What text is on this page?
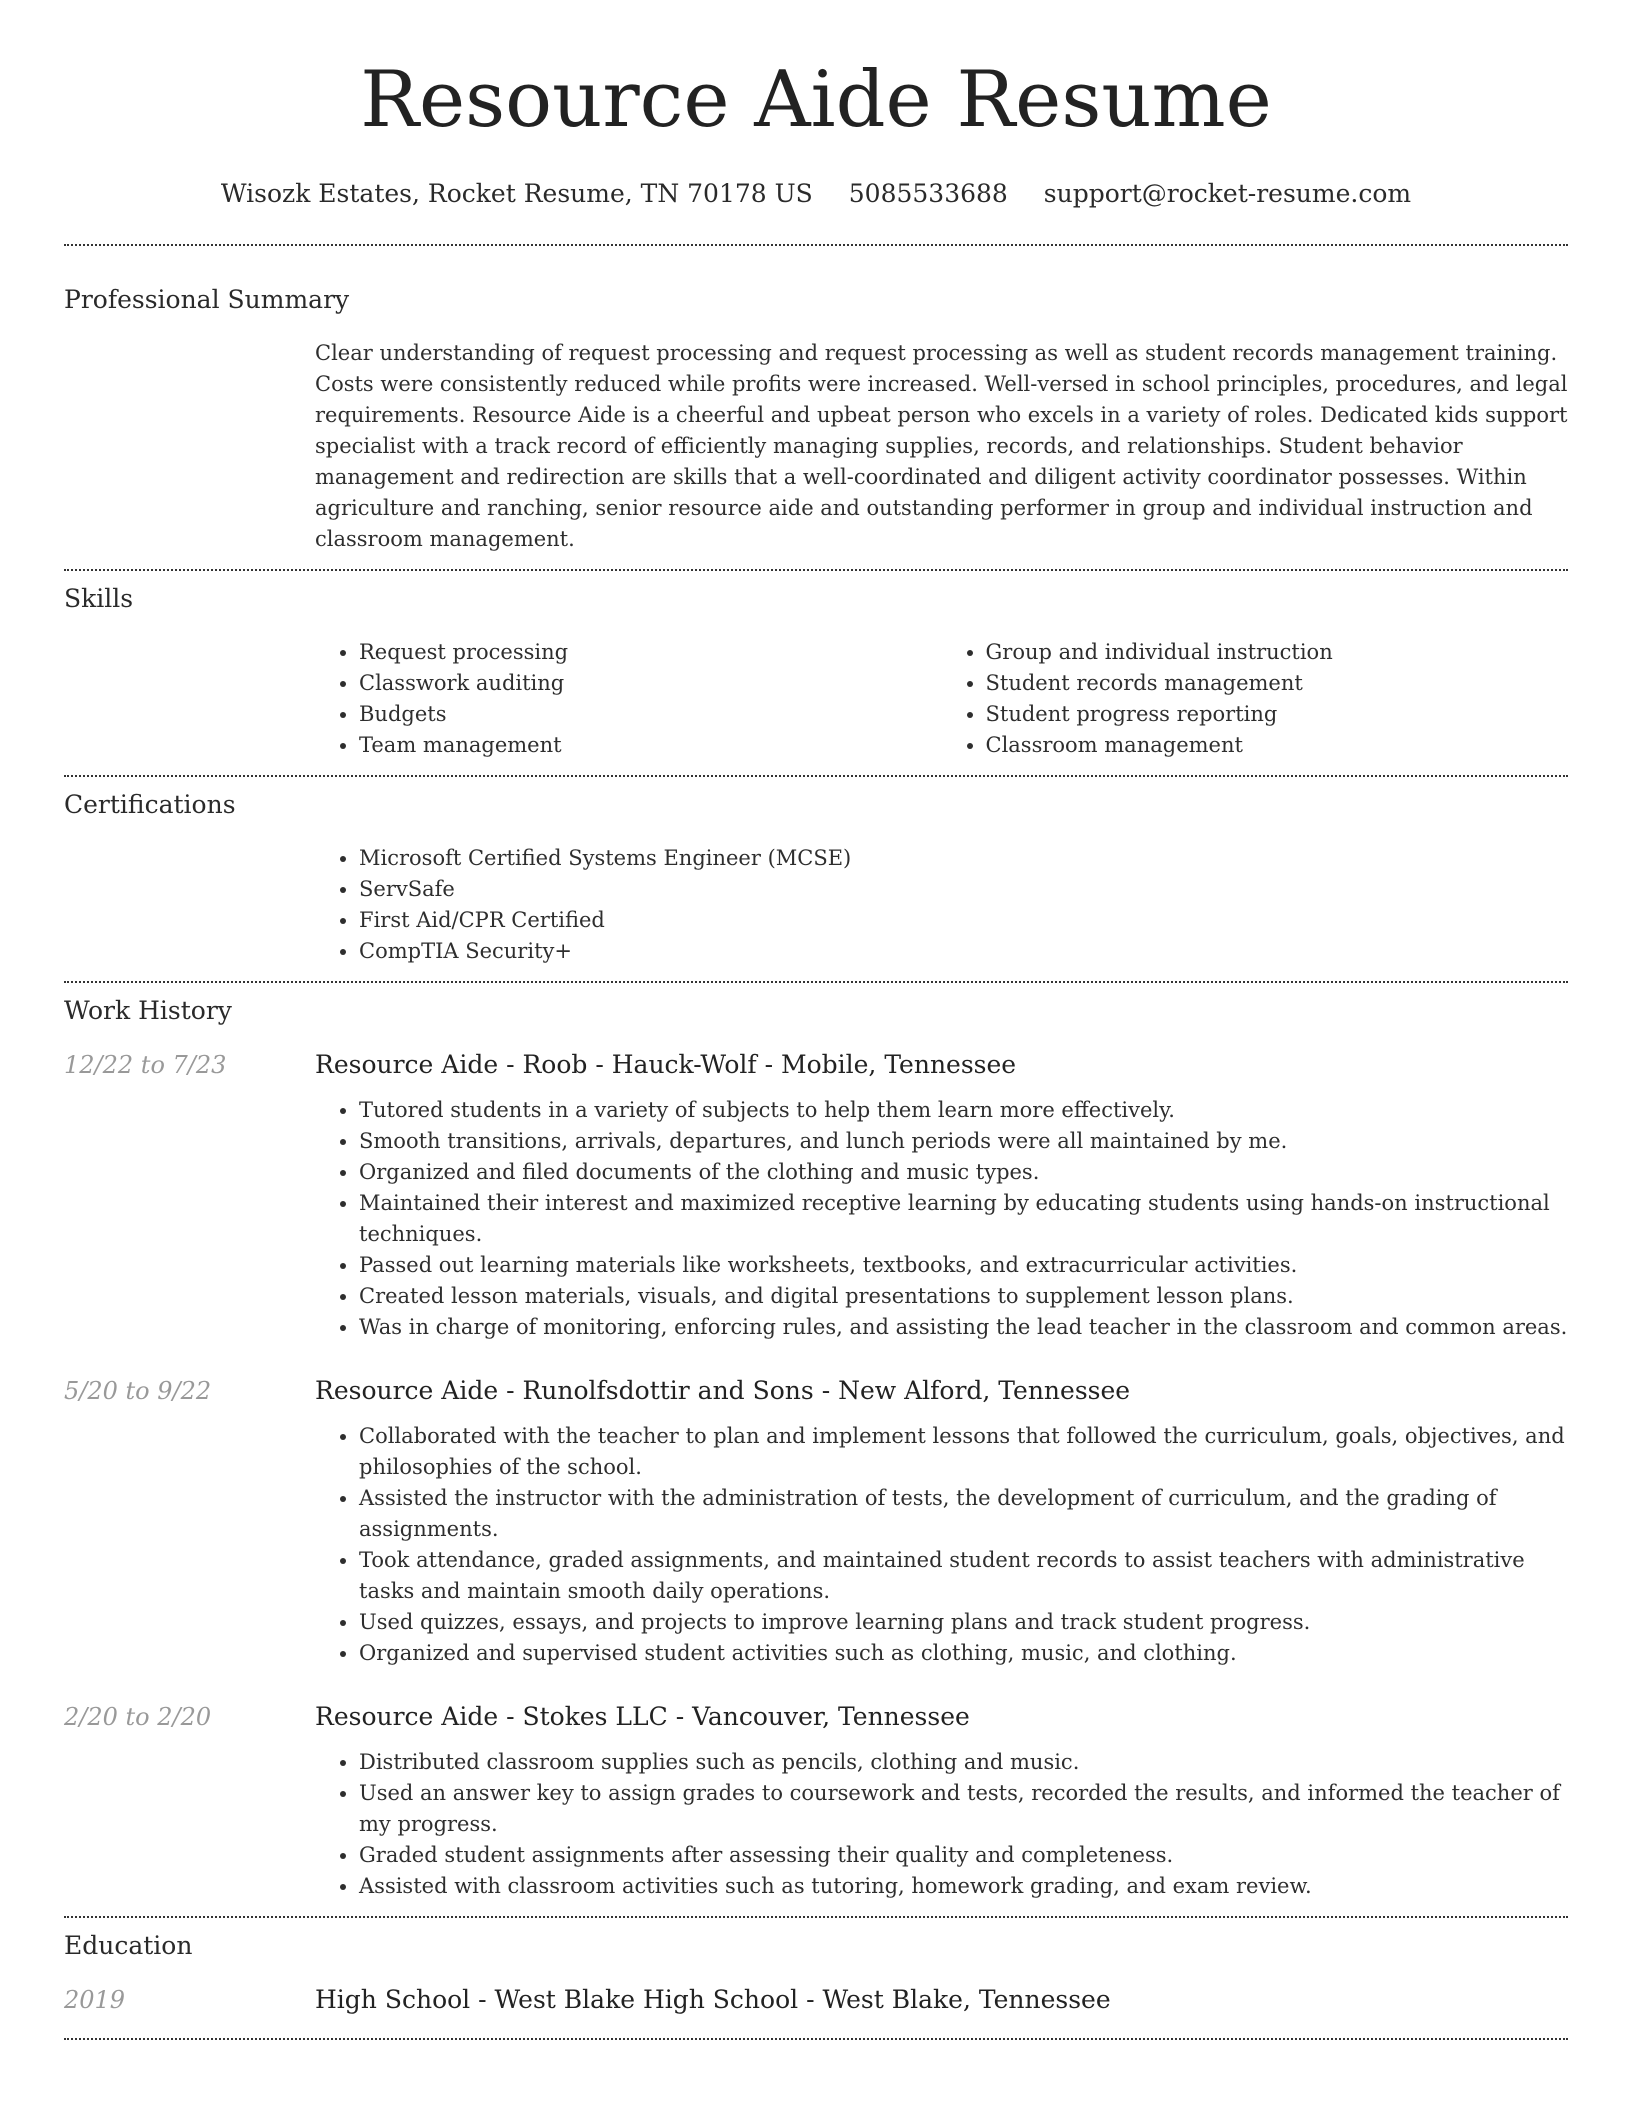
Resource Aide Resume
Wisozk Estates, Rocket Resume, TN 70178 US 5085533688 support@rocket-resume.com
Professional Summary

Clear understanding of request processing and request processing as well as student records management training. Costs were consistently reduced while profits were increased. Well-versed in school principles, procedures, and legal requirements. Resource Aide is a cheerful and upbeat person who excels in a variety of roles. Dedicated kids support specialist with a track record of efficiently managing supplies, records, and relationships. Student behavior management and redirection are skills that a well-coordinated and diligent activity coordinator possesses. Within agriculture and ranching, senior resource aide and outstanding performer in group and individual instruction and classroom management.

Skills
• Request processing
• Classwork auditing
• Budgets
• Team management
• Group and individual instruction
• Student records management
• Student progress reporting
• Classroom management
Certifications
• Microsoft Certified Systems Engineer (MCSE)
• ServSafe
• First Aid/CPR Certified
• CompTIA Security+
Work History
12/22 to 7/23	Resource Aide - Roob - Hauck-Wolf - Mobile, Tennessee
• Tutored students in a variety of subjects to help them learn more effectively.
• Smooth transitions, arrivals, departures, and lunch periods were all maintained by me.
• Organized and filed documents of the clothing and music types.
• Maintained their interest and maximized receptive learning by educating students using hands-on instructional techniques.
• Passed out learning materials like worksheets, textbooks, and extracurricular activities.
• Created lesson materials, visuals, and digital presentations to supplement lesson plans.
• Was in charge of monitoring, enforcing rules, and assisting the lead teacher in the classroom and common areas.
5/20 to 9/22	Resource Aide - Runolfsdottir and Sons - New Alford, Tennessee
• Collaborated with the teacher to plan and implement lessons that followed the curriculum, goals, objectives, and philosophies of the school.
• Assisted the instructor with the administration of tests, the development of curriculum, and the grading of assignments.
• Took attendance, graded assignments, and maintained student records to assist teachers with administrative tasks and maintain smooth daily operations.
• Used quizzes, essays, and projects to improve learning plans and track student progress.
• Organized and supervised student activities such as clothing, music, and clothing.
2/20 to 2/20	Resource Aide - Stokes LLC - Vancouver, Tennessee
• Distributed classroom supplies such as pencils, clothing and music.
• Used an answer key to assign grades to coursework and tests, recorded the results, and informed the teacher of my progress.
• Graded student assignments after assessing their quality and completeness.
• Assisted with classroom activities such as tutoring, homework grading, and exam review.
Education
2019	High School - West Blake High School - West Blake, Tennessee
